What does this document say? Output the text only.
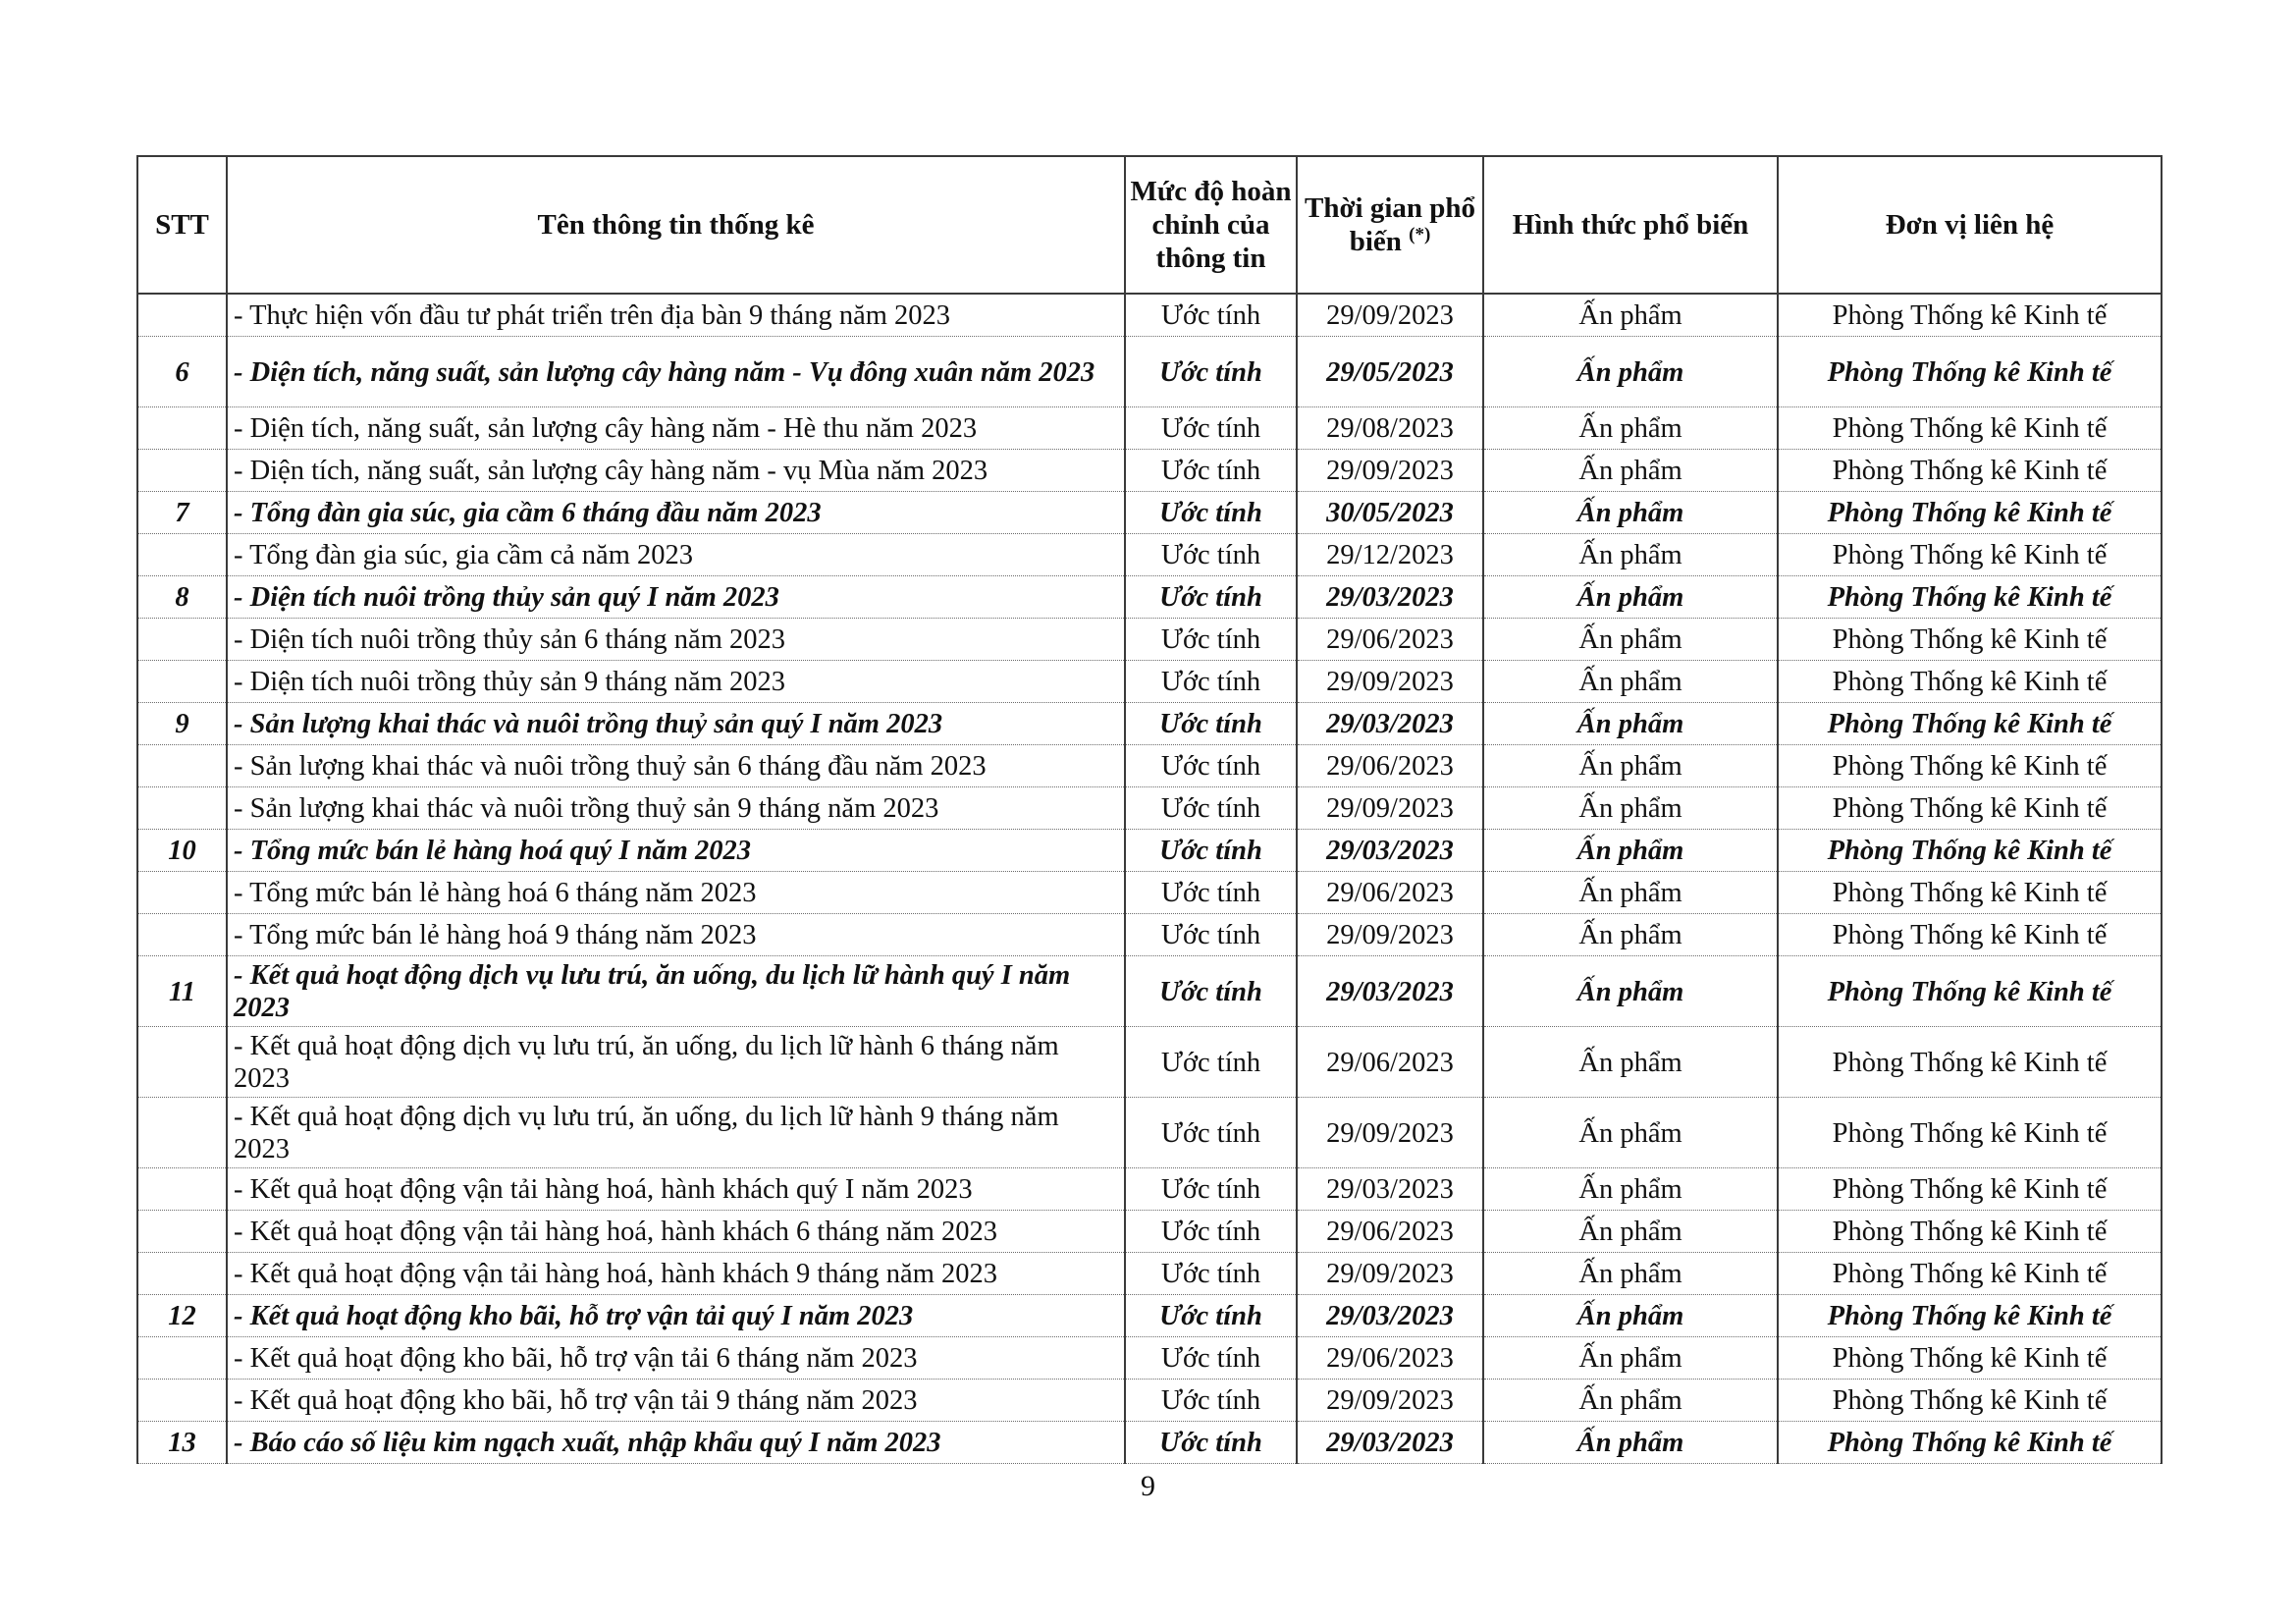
STT	Tên thông tin thống kê	Mức độ hoàn chỉnh của thông tin	Thời gian phổ biến (*)	Hình thức phổ biến	Đơn vị liên hệ
	- Thực hiện vốn đầu tư phát triển trên địa bàn 9 tháng năm 2023	Ước tính	29/09/2023	Ấn phẩm	Phòng Thống kê Kinh tế
6	- Diện tích, năng suất, sản lượng cây hàng năm - Vụ đông xuân năm 2023	Ước tính	29/05/2023	Ấn phẩm	Phòng Thống kê Kinh tế
	- Diện tích, năng suất, sản lượng cây hàng năm - Hè thu năm 2023	Ước tính	29/08/2023	Ấn phẩm	Phòng Thống kê Kinh tế
	- Diện tích, năng suất, sản lượng cây hàng năm - vụ Mùa năm 2023	Ước tính	29/09/2023	Ấn phẩm	Phòng Thống kê Kinh tế
7	- Tổng đàn gia súc, gia cầm 6 tháng đầu năm 2023	Ước tính	30/05/2023	Ấn phẩm	Phòng Thống kê Kinh tế
	- Tổng đàn gia súc, gia cầm cả năm 2023	Ước tính	29/12/2023	Ấn phẩm	Phòng Thống kê Kinh tế
8	- Diện tích nuôi trồng thủy sản quý I năm 2023	Ước tính	29/03/2023	Ấn phẩm	Phòng Thống kê Kinh tế
	- Diện tích nuôi trồng thủy sản 6 tháng năm 2023	Ước tính	29/06/2023	Ấn phẩm	Phòng Thống kê Kinh tế
	- Diện tích nuôi trồng thủy sản 9 tháng năm 2023	Ước tính	29/09/2023	Ấn phẩm	Phòng Thống kê Kinh tế
9	- Sản lượng khai thác và nuôi trồng thuỷ sản quý I năm 2023	Ước tính	29/03/2023	Ấn phẩm	Phòng Thống kê Kinh tế
	- Sản lượng khai thác và nuôi trồng thuỷ sản 6 tháng đầu năm 2023	Ước tính	29/06/2023	Ấn phẩm	Phòng Thống kê Kinh tế
	- Sản lượng khai thác và nuôi trồng thuỷ sản 9 tháng năm 2023	Ước tính	29/09/2023	Ấn phẩm	Phòng Thống kê Kinh tế
10	- Tổng mức bán lẻ hàng hoá quý I năm 2023	Ước tính	29/03/2023	Ấn phẩm	Phòng Thống kê Kinh tế
	- Tổng mức bán lẻ hàng hoá 6 tháng năm 2023	Ước tính	29/06/2023	Ấn phẩm	Phòng Thống kê Kinh tế
	- Tổng mức bán lẻ hàng hoá 9 tháng năm 2023	Ước tính	29/09/2023	Ấn phẩm	Phòng Thống kê Kinh tế
11	- Kết quả hoạt động dịch vụ lưu trú, ăn uống, du lịch lữ hành quý I năm 2023	Ước tính	29/03/2023	Ấn phẩm	Phòng Thống kê Kinh tế
	- Kết quả hoạt động dịch vụ lưu trú, ăn uống, du lịch lữ hành 6 tháng năm 2023	Ước tính	29/06/2023	Ấn phẩm	Phòng Thống kê Kinh tế
	- Kết quả hoạt động dịch vụ lưu trú, ăn uống, du lịch lữ hành 9 tháng năm 2023	Ước tính	29/09/2023	Ấn phẩm	Phòng Thống kê Kinh tế
	- Kết quả hoạt động vận tải hàng hoá, hành khách quý I năm 2023	Ước tính	29/03/2023	Ấn phẩm	Phòng Thống kê Kinh tế
	- Kết quả hoạt động vận tải hàng hoá, hành khách 6 tháng năm 2023	Ước tính	29/06/2023	Ấn phẩm	Phòng Thống kê Kinh tế
	- Kết quả hoạt động vận tải hàng hoá, hành khách 9 tháng năm 2023	Ước tính	29/09/2023	Ấn phẩm	Phòng Thống kê Kinh tế
12	- Kết quả hoạt động kho bãi, hỗ trợ vận tải quý I năm 2023	Ước tính	29/03/2023	Ấn phẩm	Phòng Thống kê Kinh tế
	- Kết quả hoạt động kho bãi, hỗ trợ vận tải 6 tháng năm 2023	Ước tính	29/06/2023	Ấn phẩm	Phòng Thống kê Kinh tế
	- Kết quả hoạt động kho bãi, hỗ trợ vận tải 9 tháng năm 2023	Ước tính	29/09/2023	Ấn phẩm	Phòng Thống kê Kinh tế
13	- Báo cáo số liệu kim ngạch xuất, nhập khẩu quý I năm 2023	Ước tính	29/03/2023	Ấn phẩm	Phòng Thống kê Kinh tế
9
